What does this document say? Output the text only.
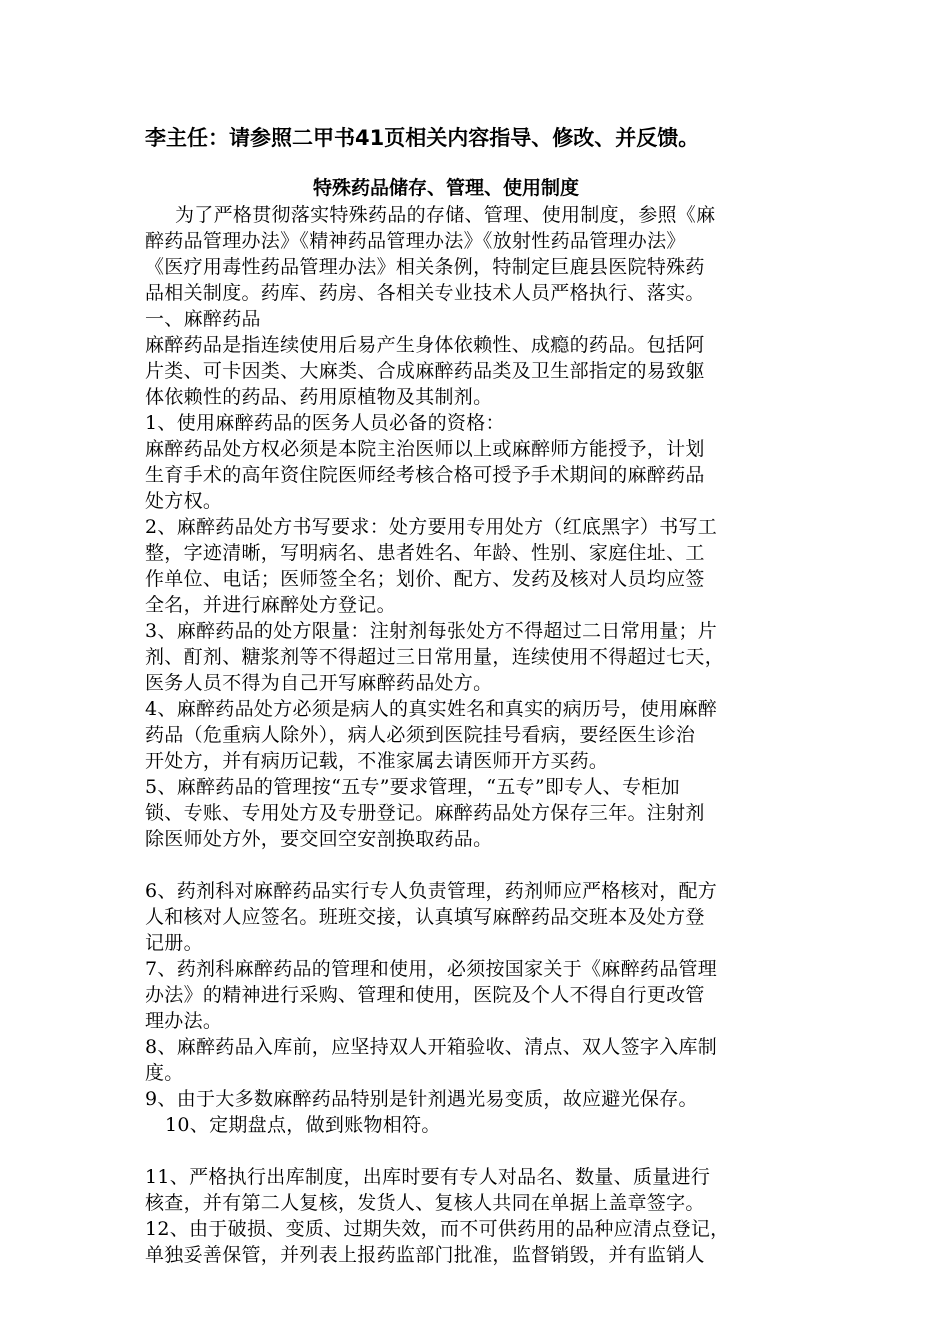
李主任：请参照二甲书41页相关内容指导、修改、并反馈。

特殊药品储存、管理、使用制度

为了严格贯彻落实特殊药品的存储、管理、使用制度，参照《麻

醉药品管理办法》《精神药品管理办法》《放射性药品管理办法》

《医疗用毒性药品管理办法》相关条例，特制定巨鹿县医院特殊药

品相关制度。药库、药房、各相关专业技术人员严格执行、落实。

一、麻醉药品

麻醉药品是指连续使用后易产生身体依赖性、成瘾的药品。包括阿

片类、可卡因类、大麻类、合成麻醉药品类及卫生部指定的易致躯

体依赖性的药品、药用原植物及其制剂。

1、使用麻醉药品的医务人员必备的资格：

麻醉药品处方权必须是本院主治医师以上或麻醉师方能授予，计划

生育手术的高年资住院医师经考核合格可授予手术期间的麻醉药品

处方权。

2、麻醉药品处方书写要求：处方要用专用处方（红底黑字）书写工

整，字迹清晰，写明病名、患者姓名、年龄、性别、家庭住址、工

作单位、电话；医师签全名；划价、配方、发药及核对人员均应签

全名，并进行麻醉处方登记。

3、麻醉药品的处方限量：注射剂每张处方不得超过二日常用量；片

剂、酊剂、糖浆剂等不得超过三日常用量，连续使用不得超过七天，

医务人员不得为自己开写麻醉药品处方。

4、麻醉药品处方必须是病人的真实姓名和真实的病历号，使用麻醉

药品（危重病人除外），病人必须到医院挂号看病，要经医生诊治

开处方，并有病历记载，不准家属去请医师开方买药。

5、麻醉药品的管理按“五专”要求管理，“五专”即专人、专柜加

锁、专账、专用处方及专册登记。麻醉药品处方保存三年。注射剂

除医师处方外，要交回空安剖换取药品。

6、药剂科对麻醉药品实行专人负责管理，药剂师应严格核对，配方

人和核对人应签名。班班交接，认真填写麻醉药品交班本及处方登

记册。

7、药剂科麻醉药品的管理和使用，必须按国家关于《麻醉药品管理

办法》的精神进行采购、管理和使用，医院及个人不得自行更改管

理办法。

8、麻醉药品入库前，应坚持双人开箱验收、清点、双人签字入库制

度。

9、由于大多数麻醉药品特别是针剂遇光易变质，故应避光保存。

10、定期盘点，做到账物相符。

11、严格执行出库制度，出库时要有专人对品名、数量、质量进行

核查，并有第二人复核，发货人、复核人共同在单据上盖章签字。

12、由于破损、变质、过期失效，而不可供药用的品种应清点登记，

单独妥善保管，并列表上报药监部门批准，监督销毁，并有监销人
